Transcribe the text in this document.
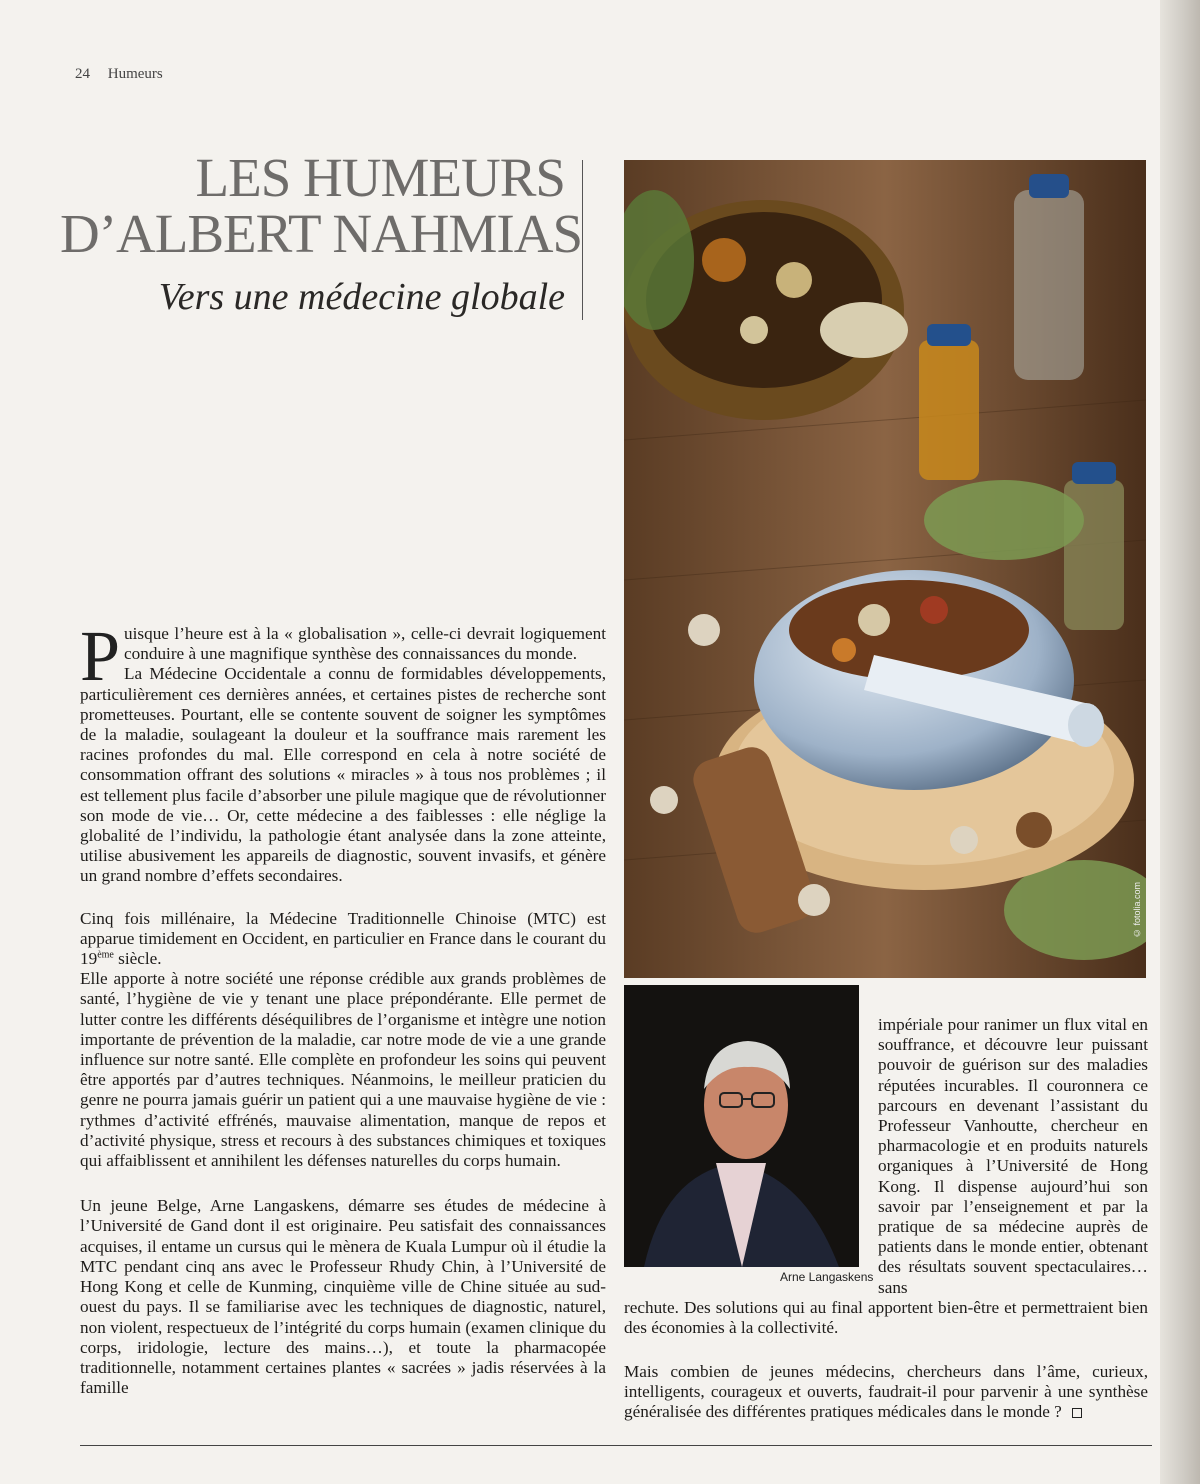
24 Humeurs
LES HUMEURS
D’ALBERT NAHMIAS
Vers une médecine globale
© fotolia.com
Arne Langaskens

Puisque l’heure est à la « globalisation », celle-ci devrait logiquement conduire à une magnifique synthèse des connaissances du monde.

La Médecine Occidentale a connu de formidables développements, particulièrement ces dernières années, et certaines pistes de recherche sont prometteuses. Pourtant, elle se contente souvent de soigner les symptômes de la maladie, soulageant la douleur et la souffrance mais rarement les racines profondes du mal. Elle correspond en cela à notre société de consommation offrant des solutions « miracles » à tous nos problèmes ; il est tellement plus facile d’absorber une pilule magique que de révolutionner son mode de vie… Or, cette médecine a des faiblesses : elle néglige la globalité de l’individu, la pathologie étant analysée dans la zone atteinte, utilise abusivement les appareils de diagnostic, souvent invasifs, et génère un grand nombre d’effets secondaires.

Cinq fois millénaire, la Médecine Traditionnelle Chinoise (MTC) est apparue timidement en Occident, en particulier en France dans le courant du 19ème siècle.

Elle apporte à notre société une réponse crédible aux grands problèmes de santé, l’hygiène de vie y tenant une place prépondérante. Elle permet de lutter contre les différents déséquilibres de l’organisme et intègre une notion importante de prévention de la maladie, car notre mode de vie a une grande influence sur notre santé. Elle complète en profondeur les soins qui peuvent être apportés par d’autres techniques. Néanmoins, le meilleur praticien du genre ne pourra jamais guérir un patient qui a une mauvaise hygiène de vie : rythmes d’activité effrénés, mauvaise alimentation, manque de repos et d’activité physique, stress et recours à des substances chimiques et toxiques qui affaiblissent et annihilent les défenses naturelles du corps humain.

Un jeune Belge, Arne Langaskens, démarre ses études de médecine à l’Université de Gand dont il est originaire. Peu satisfait des connaissances acquises, il entame un cursus qui le mènera de Kuala Lumpur où il étudie la MTC pendant cinq ans avec le Professeur Rhudy Chin, à l’Université de Hong Kong et celle de Kunming, cinquième ville de Chine située au sud-ouest du pays. Il se familiarise avec les techniques de diagnostic, naturel, non violent, respectueux de l’intégrité du corps humain (examen clinique du corps, iridologie, lecture des mains…), et toute la pharmacopée traditionnelle, notamment certaines plantes « sacrées » jadis réservées à la famille

impériale pour ranimer un flux vital en souffrance, et découvre leur puissant pouvoir de guérison sur des maladies réputées incurables. Il couronnera ce parcours en devenant l’assistant du Professeur Vanhoutte, chercheur en pharmacologie et en produits naturels organiques à l’Université de Hong Kong. Il dispense aujourd’hui son savoir par l’enseignement et par la pratique de sa médecine auprès de patients dans le monde entier, obtenant des résultats souvent spectaculaires… sans

rechute. Des solutions qui au final apportent bien-être et permettraient bien des économies à la collectivité.

Mais combien de jeunes médecins, chercheurs dans l’âme, curieux, intelligents, courageux et ouverts, faudrait-il pour parvenir à une synthèse généralisée des différentes pratiques médicales dans le monde ?
